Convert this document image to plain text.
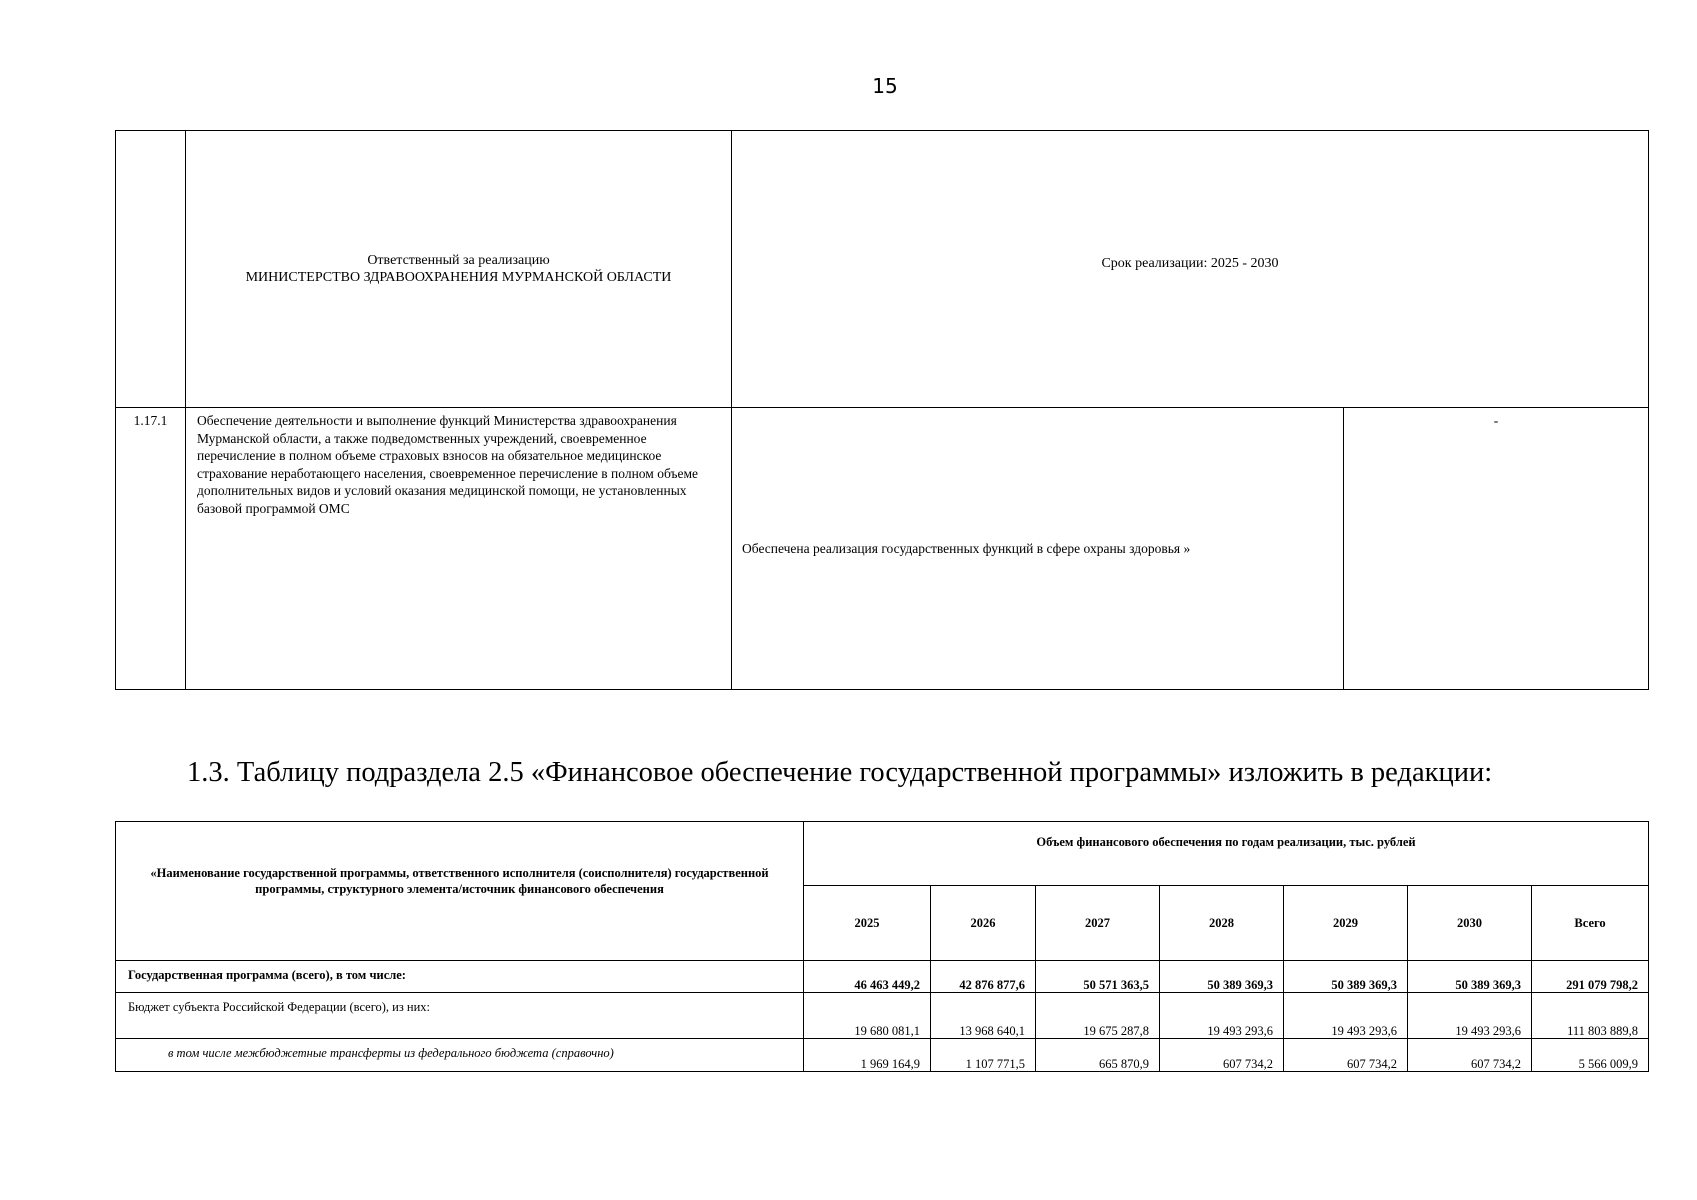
15

	Ответственный за реализацию
МИНИСТЕРСТВО ЗДРАВООХРАНЕНИЯ МУРМАНСКОЙ ОБЛАСТИ	Срок реализации: 2025 - 2030	

1.17.1	Обеспечение деятельности и выполнение функций Министерства здравоохранения Мурманской области, а также подведомственных учреждений, своевременное перечисление в полном объеме страховых взносов на обязательное медицинское страхование неработающего населения, своевременное перечисление в полном объеме дополнительных видов и условий оказания медицинской помощи, не установленных базовой программой ОМС	Обеспечена реализация государственных функций в сфере охраны здоровья »	-
1.3. Таблицу подраздела 2.5 «Финансовое обеспечение государственной программы» изложить в редакции:
«Наименование государственной программы, ответственного исполнителя (соисполнителя) государственной программы, структурного элемента/источник финансового обеспечения	Объем финансового обеспечения по годам реализации, тыс. рублей						
	2025	2026	2027	2028	2029	2030	Всего
Государственная программа (всего), в том числе:	46 463 449,2	42 876 877,6	50 571 363,5	50 389 369,3	50 389 369,3	50 389 369,3	291 079 798,2
Бюджет субъекта Российской Федерации (всего), из них:	19 680 081,1	13 968 640,1	19 675 287,8	19 493 293,6	19 493 293,6	19 493 293,6	111 803 889,8
в том числе межбюджетные трансферты из федерального бюджета (справочно)	1 969 164,9	1 107 771,5	665 870,9	607 734,2	607 734,2	607 734,2	5 566 009,9
